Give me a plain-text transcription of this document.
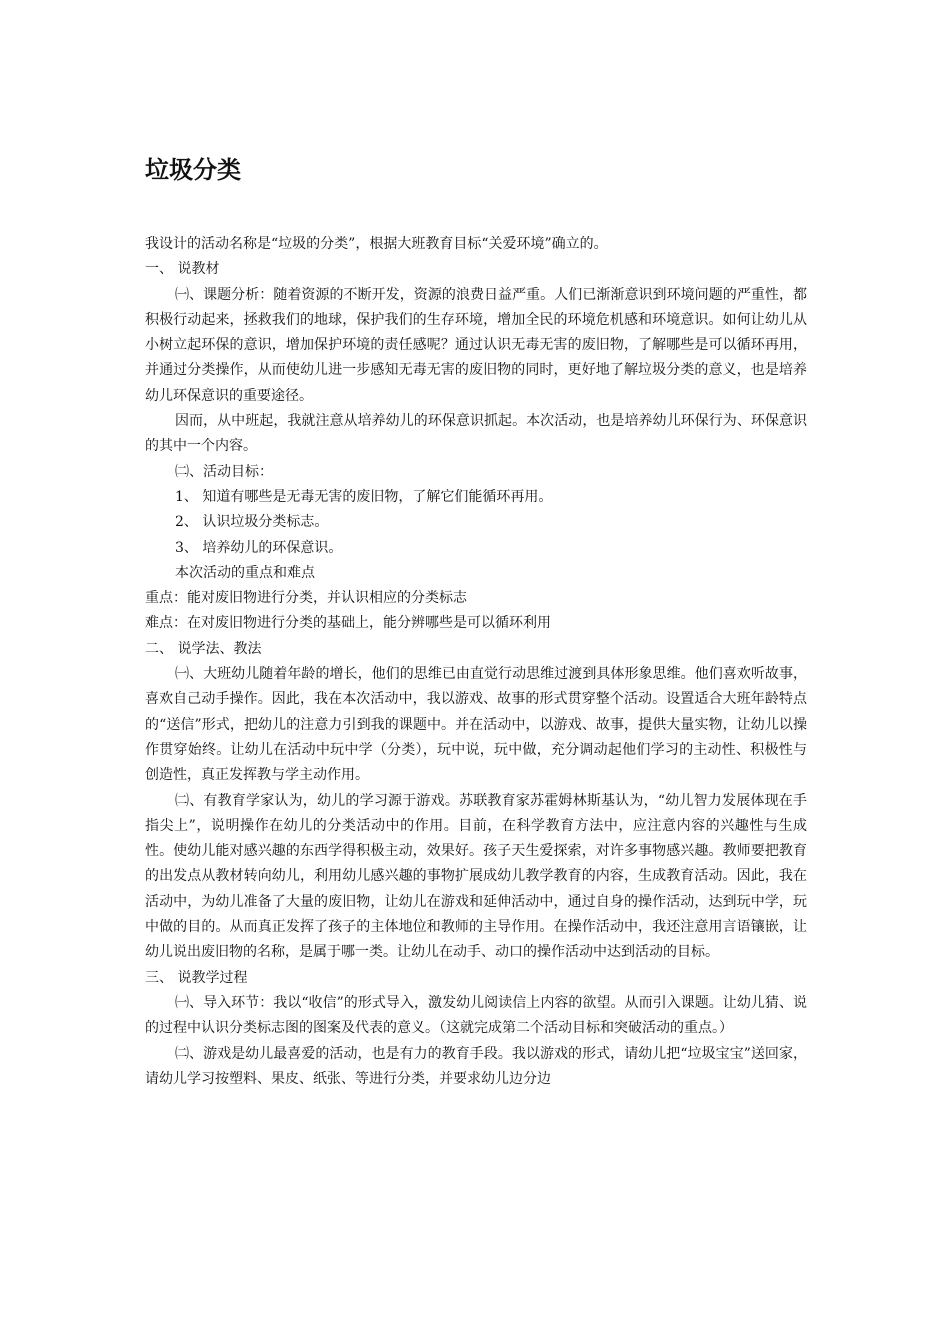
垃圾分类

我设计的活动名称是“垃圾的分类”，根据大班教育目标“关爱环境”确立的。

一、 说教材

㈠、课题分析：随着资源的不断开发，资源的浪费日益严重。人们已渐渐意识到环境问题的严重性，都积极行动起来，拯救我们的地球，保护我们的生存环境，增加全民的环境危机感和环境意识。如何让幼儿从小树立起环保的意识，增加保护环境的责任感呢？通过认识无毒无害的废旧物，了解哪些是可以循环再用，并通过分类操作，从而使幼儿进一步感知无毒无害的废旧物的同时，更好地了解垃圾分类的意义，也是培养幼儿环保意识的重要途径。

因而，从中班起，我就注意从培养幼儿的环保意识抓起。本次活动，也是培养幼儿环保行为、环保意识的其中一个内容。

㈡、活动目标：

1、 知道有哪些是无毒无害的废旧物，了解它们能循环再用。

2、 认识垃圾分类标志。

3、 培养幼儿的环保意识。

本次活动的重点和难点

重点：能对废旧物进行分类，并认识相应的分类标志

难点：在对废旧物进行分类的基础上，能分辨哪些是可以循环利用

二、 说学法、教法

㈠、大班幼儿随着年龄的增长，他们的思维已由直觉行动思维过渡到具体形象思维。他们喜欢听故事，喜欢自己动手操作。因此，我在本次活动中，我以游戏、故事的形式贯穿整个活动。设置适合大班年龄特点的“送信”形式，把幼儿的注意力引到我的课题中。并在活动中，以游戏、故事，提供大量实物，让幼儿以操作贯穿始终。让幼儿在活动中玩中学（分类），玩中说，玩中做，充分调动起他们学习的主动性、积极性与创造性，真正发挥教与学主动作用。

㈡、有教育学家认为，幼儿的学习源于游戏。苏联教育家苏霍姆林斯基认为，“幼儿智力发展体现在手指尖上”，说明操作在幼儿的分类活动中的作用。目前，在科学教育方法中，应注意内容的兴趣性与生成性。使幼儿能对感兴趣的东西学得积极主动，效果好。孩子天生爱探索，对许多事物感兴趣。教师要把教育的出发点从教材转向幼儿，利用幼儿感兴趣的事物扩展成幼儿教学教育的内容，生成教育活动。因此，我在活动中，为幼儿准备了大量的废旧物，让幼儿在游戏和延伸活动中，通过自身的操作活动，达到玩中学，玩中做的目的。从而真正发挥了孩子的主体地位和教师的主导作用。在操作活动中，我还注意用言语镶嵌，让幼儿说出废旧物的名称，是属于哪一类。让幼儿在动手、动口的操作活动中达到活动的目标。

三、 说教学过程

㈠、导入环节：我以“收信”的形式导入，激发幼儿阅读信上内容的欲望。从而引入课题。让幼儿猜、说的过程中认识分类标志图的图案及代表的意义。（这就完成第二个活动目标和突破活动的重点。）

㈡、游戏是幼儿最喜爱的活动，也是有力的教育手段。我以游戏的形式，请幼儿把“垃圾宝宝”送回家，请幼儿学习按塑料、果皮、纸张、等进行分类，并要求幼儿边分边
